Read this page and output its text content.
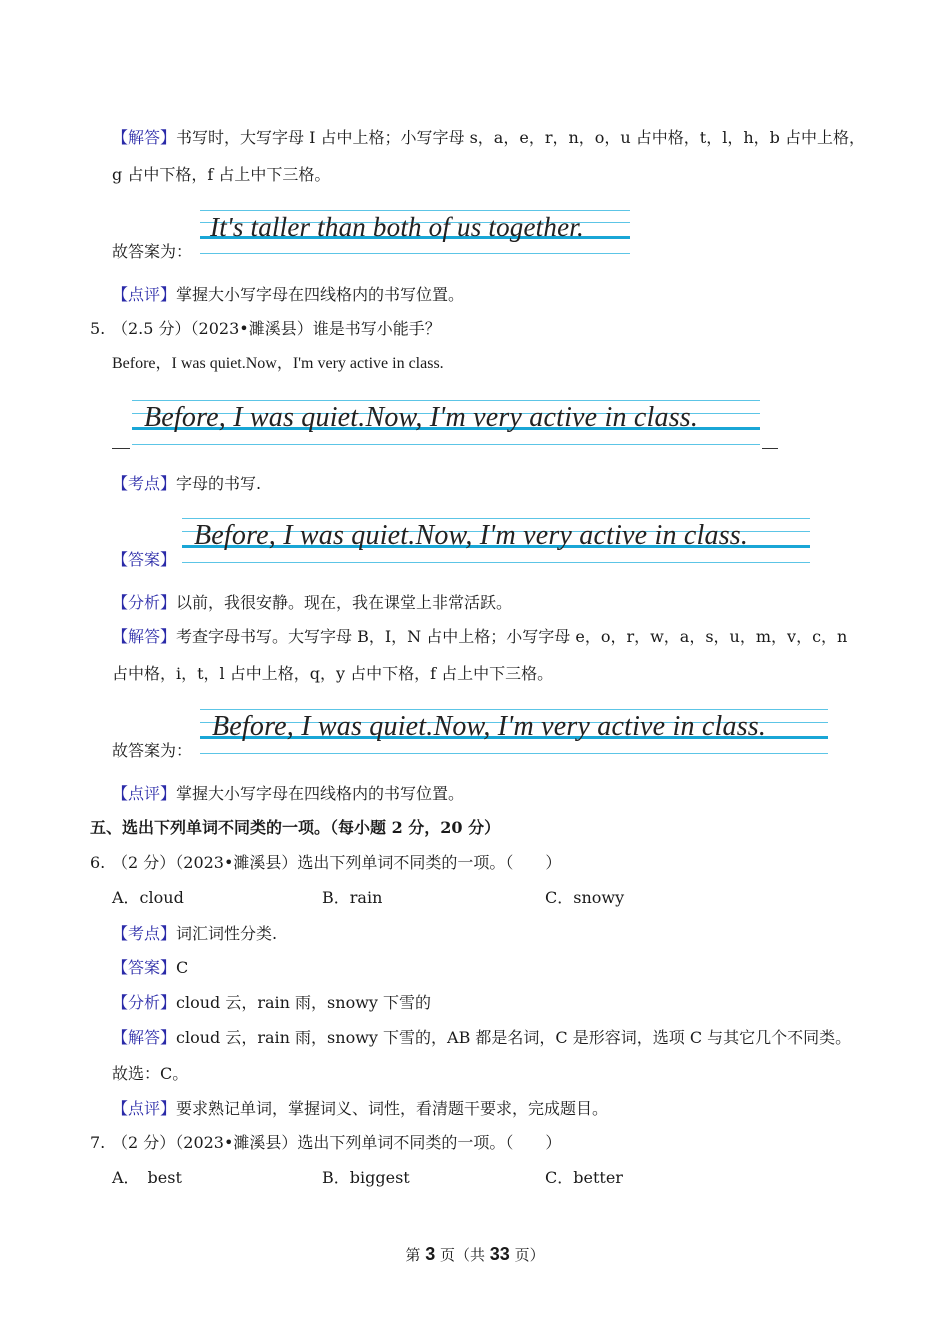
【解答】书写时，大写字母 I 占中上格；小写字母 s，a，e，r，n，o，u 占中格，t，l，h，b 占中上格，
g 占中下格，f 占上中下三格。
故答案为：
It's taller than both of us together.
【点评】掌握大小写字母在四线格内的书写位置。
5. （2.5 分）（2023•濉溪县）谁是书写小能手？
Before，I was quiet.Now，I'm very active in class.
Before, I was quiet.Now, I'm very active in class.
【考点】字母的书写.
【答案】
Before, I was quiet.Now, I'm very active in class.
【分析】以前，我很安静。现在，我在课堂上非常活跃。
【解答】考查字母书写。大写字母 B，I，N 占中上格；小写字母 e，o，r，w，a，s，u，m，v，c，n
占中格，i，t，l 占中上格，q，y 占中下格，f 占上中下三格。
故答案为：
Before, I was quiet.Now, I'm very active in class.
【点评】掌握大小写字母在四线格内的书写位置。
五、选出下列单词不同类的一项。（每小题 2 分，20 分）
6. （2 分）（2023•濉溪县）选出下列单词不同类的一项。（　　）
A．cloud	B．rain	C．snowy
【考点】词汇词性分类.
【答案】C
【分析】cloud 云，rain 雨，snowy 下雪的
【解答】cloud 云，rain 雨，snowy 下雪的，AB 都是名词，C 是形容词，选项 C 与其它几个不同类。
故选：C。
【点评】要求熟记单词，掌握词义、词性，看清题干要求，完成题目。
7. （2 分）（2023•濉溪县）选出下列单词不同类的一项。（　　）
A．　best	B．biggest	C．better
第 3 页（共 33 页）
